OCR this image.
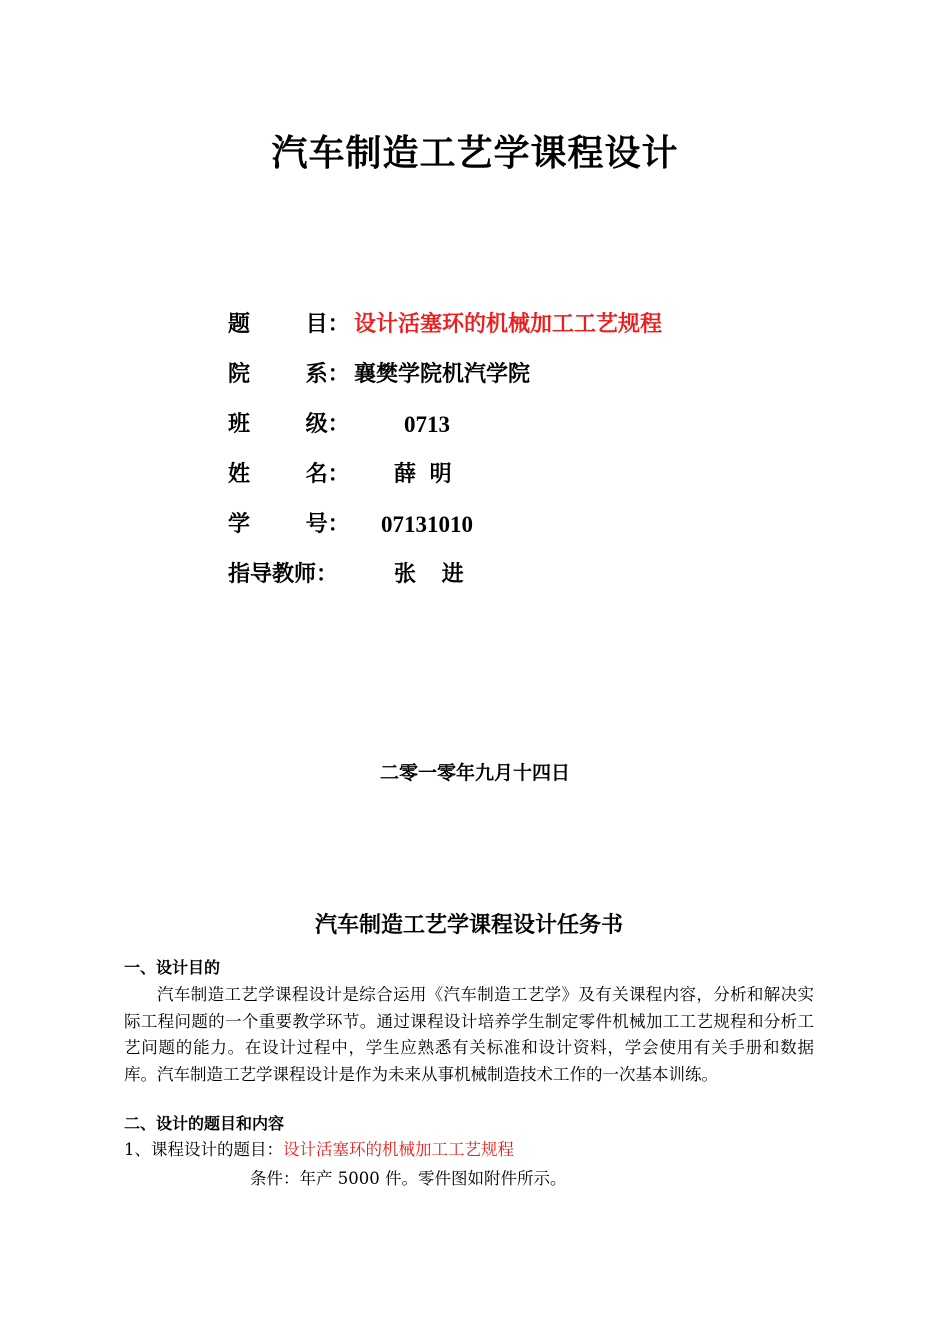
汽车制造工艺学课程设计
题 目： 设计活塞环的机械加工工艺规程
院 系： 襄樊学院机汽学院
班 级： 0713
姓 名： 薛 明
学 号： 07131010
指导教师：	张 进
二零一零年九月十四日
汽车制造工艺学课程设计任务书
一、设计目的

汽车制造工艺学课程设计是综合运用《汽车制造工艺学》及有关课程内容，分析和解决实际工程问题的一个重要教学环节。通过课程设计培养学生制定零件机械加工工艺规程和分析工艺问题的能力。在设计过程中，学生应熟悉有关标准和设计资料，学会使用有关手册和数据库。汽车制造工艺学课程设计是作为未来从事机械制造技术工作的一次基本训练。

二、设计的题目和内容
1、课程设计的题目：设计活塞环的机械加工工艺规程
条件：年产 5000 件。零件图如附件所示。
